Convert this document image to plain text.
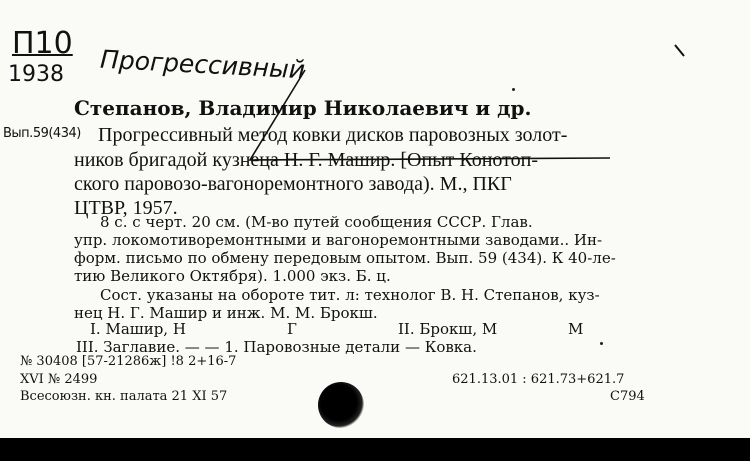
П10
1938 Прогрессивный
Вып.59(434)
Степанов, Владимир Николаевич и др.
Прогрессивный метод ковки дисков паровозных золот-
ников бригадой кузнеца Н. Г. Машир. [Опыт Конотоп-
ского паровозо-вагоноремонтного завода). М., ПКГ
ЦТВР, 1957.
8 с. с черт. 20 см. (М-во путей сообщения СССР. Глав.
упр. локомотиворемонтными и вагоноремонтными заводами.. Ин-
форм. письмо по обмену передовым опытом. Вып. 59 (434). К 40-ле-
тию Великого Октября). 1.000 экз. Б. ц.
Сост. указаны на обороте тит. л: технолог В. Н. Степанов, куз-
нец Н. Г. Машир и инж. М. М. Брокш.
I. Машир, Н	Г	II. Брокш, М	М
III. Заглавие. — — 1. Паровозные детали — Ковка.
№ 30408 [57-21286ж] !8 2+16-7
XVI № 2499
Всесоюзн. кн. палата 21 XI 57
621.13.01 : 621.73+621.7
С794
